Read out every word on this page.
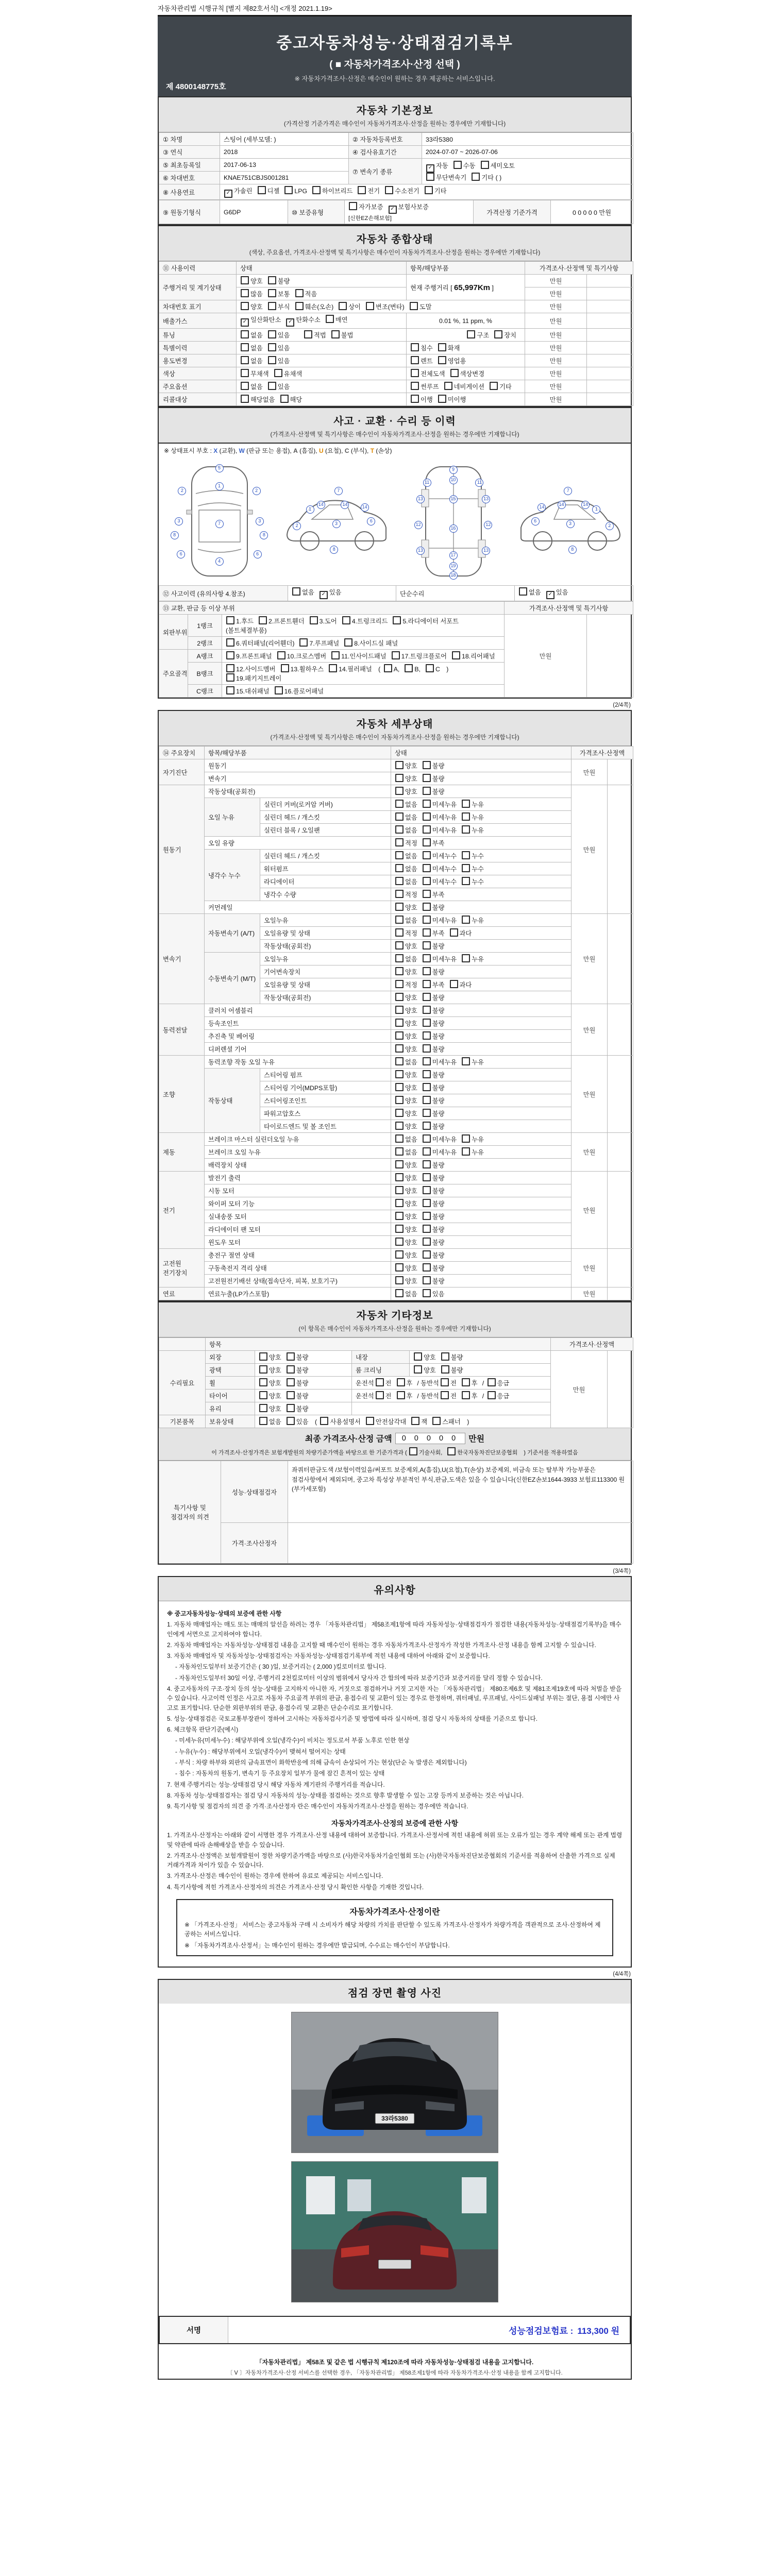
자동차관리법 시행규칙 [별지 제82호서식] <개정 2021.1.19>
중고자동차성능·상태점검기록부
( ■ 자동차가격조사·산정 선택 )
※ 자동차가격조사·산정은 매수인이 원하는 경우 제공하는 서비스입니다.
제 4800148775호
자동차 기본정보
(가격산정 기준가격은 매수인이 자동차가격조사·산정을 원하는 경우에만 기재합니다)
① 차명	스팅어 (세부모델: )	② 자동차등록번호	33라5380
③ 연식	2018	④ 검사유효기간	2024-07-07 ~ 2026-07-06
⑤ 최초등록일	2017-06-13	⑦ 변속기 종류	✓ 자동 수동 세미오토
무단변속기 기타 ( )

⑥ 차대번호	KNAE751CBJS001281		
⑧ 사용연료	✓ 가솔린 디젤 LPG 하이브리드 전기 수소전기 기타		
⑨ 원동기형식	G6DP	⑩ 보증유형	자가보증 ✓ 보험사보증 [신한EZ손해보험]	가격산정 기준가격	0 0 0 0 0 만원
자동차 종합상태
(색상, 주요옵션, 가격조사·산정액 및 특기사항은 매수인이 자동차가격조사·산정을 원하는 경우에만 기재합니다)
⑪ 사용이력	상태	항목/해당부품	가격조사·산정액 및 특기사항	
주행거리 및 계기상태	양호 불량	현재 주행거리 [ 65,997Km ]	만원	
	많음 보통 적음		만원	
차대번호 표기	양호 부식 훼손(오손) 상이 변조(변타) 도말		만원	
배출가스	✓ 일산화탄소 ✓ 탄화수소 매연	0.01 %, 11 ppm, %	만원	
튜닝	없음 있음 적법 불법	구조 장치	만원	
특별이력	없음 있음	침수 화재	만원	
용도변경	없음 있음	렌트 영업용	만원	
색상	무채색 유채색	전체도색 색상변경	만원	
주요옵션	없음 있음	썬루프 네비게이션 기타	만원	
리콜대상	해당없음 해당	이행 미이행	만원	
사고 · 교환 · 수리 등 이력
(가격조사·산정액 및 특기사항은 매수인이 자동차가격조사·산정을 원하는 경우에만 기재합니다)
※ 상태표시 부호 : X (교환), W (판금 또는 용접), A (흠집), U (요철), C (부식), T (손상)
5
1
7
4
2	2
3	3
6	6
8	8
1
2	3	6
7
8
14	14	14
9
10
11	11
13	13
15
12	12
16
13	13
17
19
18
1
2
3
6
7
8
14
14
14
⑫ 사고이력 (유의사항 4.참조)	없음 ✓ 있음	단순수리	없음 ✓ 있음
⑬ 교환, 판금 등 이상 부위			가격조사·산정액 및 특기사항	
외판부위	1랭크	1.후드 2.프론트휀더 3.도어 4.트렁크리드 5.라디에이터 서포트(볼트체결부품)	만원	
	2랭크	6.쿼터패널(리어휀더) 7.루프패널 8.사이드실 패널		
주요골격	A랭크	9.프론트패널 10.크로스멤버 11.인사이드패널 17.트렁크플로어 18.리어패널		
	B랭크	12.사이드멤버 13.휠하우스 14.필러패널 ( A, B, C )
19.패키지트레이		

	C랭크	15.대쉬패널 16.플로어패널		
(2/4쪽)
자동차 세부상태
(가격조사·산정액 및 특기사항은 매수인이 자동차가격조사·산정을 원하는 경우에만 기재합니다)
⑭ 주요장치	항목/해당부품		상태	가격조사·산정액	
자기진단	원동기		양호 불량	만원	
	변속기		양호 불량		
원동기	작동상태(공회전)		양호 불량	만원	
	오일 누유	실린더 커버(로커암 커버)	없음 미세누유 누유		
		실린더 헤드 / 개스킷	없음 미세누유 누유		
		실린더 블록 / 오일팬	없음 미세누유 누유		
	오일 유량		적정 부족		
	냉각수 누수	실린더 헤드 / 개스킷	없음 미세누수 누수		
		워터펌프	없음 미세누수 누수		
		라디에이터	없음 미세누수 누수		
		냉각수 수량	적정 부족		
	커먼레일		양호 불량		
변속기	자동변속기 (A/T)	오일누유	없음 미세누유 누유	만원	
		오일유량 및 상태	적정 부족 과다		
		작동상태(공회전)	양호 불량		
	수동변속기 (M/T)	오일누유	없음 미세누유 누유		
		기어변속장치	양호 불량		
		오일유량 및 상태	적정 부족 과다		
		작동상태(공회전)	양호 불량		
동력전달	클러치 어셈블리		양호 불량	만원	
	등속조인트		양호 불량		
	추진축 및 베어링		양호 불량		
	디퍼렌셜 기어		양호 불량		
조향	동력조향 작동 오일 누유		없음 미세누유 누유	만원	
	작동상태	스티어링 펌프	양호 불량		
		스티어링 기어(MDPS포함)	양호 불량		
		스티어링조인트	양호 불량		
		파워고압호스	양호 불량		
		타이로드엔드 및 볼 조인트	양호 불량		
제동	브레이크 마스터 실린더오일 누유		없음 미세누유 누유	만원	
	브레이크 오일 누유		없음 미세누유 누유		
	배력장치 상태		양호 불량		
전기	발전기 출력		양호 불량	만원	
	시동 모터		양호 불량		
	와이퍼 모터 기능		양호 불량		
	실내송풍 모터		양호 불량		
	라디에이터 팬 모터		양호 불량		
	윈도우 모터		양호 불량		
고전원 전기장치	충전구 절연 상태		양호 불량	만원	
	구동축전지 격리 상태		양호 불량		
	고전원전기배선 상태(접속단자, 피복, 보호기구)		양호 불량		
연료	연료누출(LP가스포함)		없음 있음	만원	
자동차 기타정보
(이 항목은 매수인이 자동차가격조사·산정을 원하는 경우에만 기재합니다)
	항목				가격조사·산정액	
수리필요	외장	양호 불량	내장	양호 불량	만원	
	광택	양호 불량	룸 크리닝	양호 불량		
	휠	양호 불량	운전석 전 후 / 동반석 전 후 / 응급			
	타이어	양호 불량	운전석 전 후 / 동반석 전 후 / 응급			
	유리	양호 불량				
기본품목	보유상태	없음 있음 ( 사용설명서 안전삼각대 잭 스패너 )				
최종 가격조사·산정 금액	0 0 0 0 0	만원
이 가격조사·산정가격은 보험개발원의 차량기준가액을 바탕으로 한 기준가격과 ( 기술사회,	한국자동차진단보증협회 ) 기준서를 적용하였음
특기사항 및 점검자의 의견	성능·상태점검자	좌쿼터판금도색 /보험이력있음/써포트 보증제외,A(흠집),U(요철),T(손상) 보증제외, 비금속 또는 탈부착 가능부품은 점검사항에서 제외되며, 중고차 특성상 부분적인 부식,판금,도색은 있을 수 있습니다(신한EZ손보1644-3933 보험료113300 원(부가세포함)
	가격·조사산정자	
(3/4쪽)
유의사항
※ 중고자동차성능·상태의 보증에 관한 사항
1. 자동차 매매업자는 매도 또는 매매의 알선을 하려는 경우 「자동차관리법」 제58조제1항에 따라 자동차성능·상태점검자가 점검한 내용(자동차성능·상태점검기록부)을 매수인에게 서면으로 고지하여야 합니다.
2. 자동차 매매업자는 자동차성능·상태점검 내용을 고지할 때 매수인이 원하는 경우 자동차가격조사·산정자가 작성한 가격조사·산정 내용을 함께 고지할 수 있습니다.
3. 자동차 매매업자 및 자동차성능·상태점검자는 자동차성능·상태점검기록부에 적힌 내용에 대하여 아래와 같이 보증합니다.
- 자동차인도일부터 보증기간은 ( 30 )일, 보증거리는 ( 2,000 )킬로미터로 합니다.
- 자동차인도일부터 30일 이상, 주행거리 2천킬로미터 이상의 범위에서 당사자 간 합의에 따라 보증기간과 보증거리를 달리 정할 수 있습니다.
4. 중고자동차의 구조·장치 등의 성능·상태를 고지하지 아니한 자, 거짓으로 점검하거나 거짓 고지한 자는 「자동차관리법」 제80조제6호 및 제81조제19호에 따라 처벌을 받을 수 있습니다. 사고이력 인정은 사고로 자동차 주요골격 부위의 판금, 용접수리 및 교환이 있는 경우로 한정하며, 쿼터패널, 루프패널, 사이드실패널 부위는 절단, 용접 시에만 사고로 표기합니다. 단순한 외판부위의 판금, 용접수리 및 교환은 단순수리로 표기합니다.
5. 성능·상태점검은 국토교통부장관이 정하여 고시하는 자동차검사기준 및 방법에 따라 실시하며, 점검 당시 자동차의 상태를 기준으로 합니다.
6. 체크항목 판단기준(예시)
- 미세누유(미세누수) : 해당부위에 오일(냉각수)이 비치는 정도로서 부품 노후로 인한 현상
- 누유(누수) : 해당부위에서 오일(냉각수)이 맺혀서 떨어지는 상태
- 부식 : 차량 하부와 외판의 금속표면이 화학반응에 의해 금속이 손상되어 가는 현상(단순 녹 발생은 제외합니다)
- 침수 : 자동차의 원동기, 변속기 등 주요장치 일부가 물에 잠긴 흔적이 있는 상태
7. 현재 주행거리는 성능·상태점검 당시 해당 자동차 계기판의 주행거리를 적습니다.
8. 자동차 성능·상태점검자는 점검 당시 자동차의 성능·상태를 점검하는 것으로 향후 발생할 수 있는 고장 등까지 보증하는 것은 아닙니다.
9. 특기사항 및 점검자의 의견 중 가격·조사산정자 란은 매수인이 자동차가격조사·산정을 원하는 경우에만 적습니다.
자동차가격조사·산정의 보증에 관한 사항
1. 가격조사·산정자는 아래와 같이 서명한 경우 가격조사·산정 내용에 대하여 보증합니다. 가격조사·산정서에 적힌 내용에 허위 또는 오류가 있는 경우 계약 해제 또는 관계 법령 및 약관에 따라 손해배상을 받을 수 있습니다.
2. 가격조사·산정액은 보험개발원이 정한 차량기준가액을 바탕으로 (사)한국자동차기술인협회 또는 (사)한국자동차진단보증협회의 기준서를 적용하여 산출한 가격으로 실제 거래가격과 차이가 있을 수 있습니다.
3. 가격조사·산정은 매수인이 원하는 경우에 한하여 유료로 제공되는 서비스입니다.
4. 특기사항에 적힌 가격조사·산정자의 의견은 가격조사·산정 당시 확인한 사항을 기재한 것입니다.
자동차가격조사·산정이란
※ 「가격조사·산정」 서비스는 중고자동차 구매 시 소비자가 해당 차량의 가치를 판단할 수 있도록 가격조사·산정자가 차량가격을 객관적으로 조사·산정하여 제공하는 서비스입니다.
※ 「자동차가격조사·산정서」는 매수인이 원하는 경우에만 발급되며, 수수료는 매수인이 부담합니다.
(4/4쪽)
점검 장면 촬영 사진
33라5380
서명	성능점검보험료 : 113,300 원
「자동차관리법」 제58조 및 같은 법 시행규칙 제120조에 따라 자동차성능·상태점검 내용을 고지합니다.
〔 Ⅴ 〕자동차가격조사·산정 서비스를 선택한 경우, 「자동차관리법」 제58조제1항에 따라 자동차가격조사·산정 내용을 함께 고지합니다.
